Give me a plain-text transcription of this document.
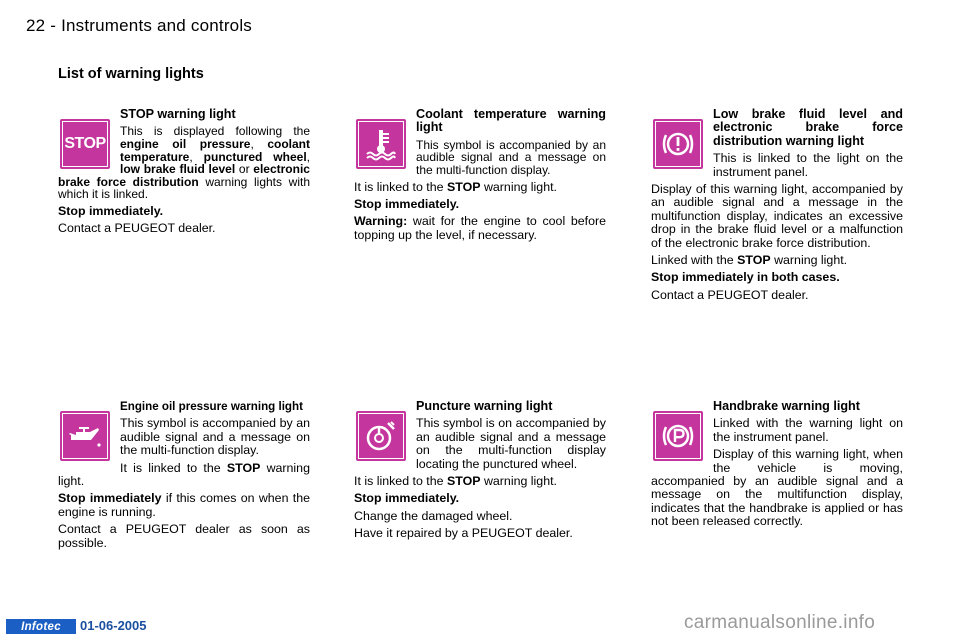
22 - Instruments and controls
List of warning lights
STOP

STOP warning light

This is displayed following the engine oil pressure, coolant temperature, punctured wheel, low brake fluid level or electronic brake force distribution warning lights with which it is linked.

Stop immediately.

Contact a PEUGEOT dealer.

Coolant temperature warning light

This symbol is accompanied by an audible signal and a message on the multi-function display.

It is linked to the STOP warning light.

Stop immediately.

Warning: wait for the engine to cool before topping up the level, if necessary.

Low brake fluid level and electronic brake force distribution warning light

This is linked to the light on the instrument panel.

Display of this warning light, accompanied by an audible signal and a message in the multifunction display, indicates an excessive drop in the brake fluid level or a malfunction of the electronic brake force distribution.

Linked with the STOP warning light.

Stop immediately in both cases.

Contact a PEUGEOT dealer.

Engine oil pressure warning light

This symbol is accompanied by an audible signal and a message on the multi-function display.

It is linked to the STOP warning light.

Stop immediately if this comes on when the engine is running.

Contact a PEUGEOT dealer as soon as possible.

Puncture warning light

This symbol is on accompanied by an audible signal and a message on the multi-function display locating the punctured wheel.

It is linked to the STOP warning light.

Stop immediately.

Change the damaged wheel.

Have it repaired by a PEUGEOT dealer.

Handbrake warning light

Linked with the warning light on the instrument panel.

Display of this warning light, when the vehicle is moving, accompanied by an audible signal and a message on the multifunction display, indicates that the handbrake is applied or has not been released correctly.

Infotec	01-06-2005	carmanualsonline.info
